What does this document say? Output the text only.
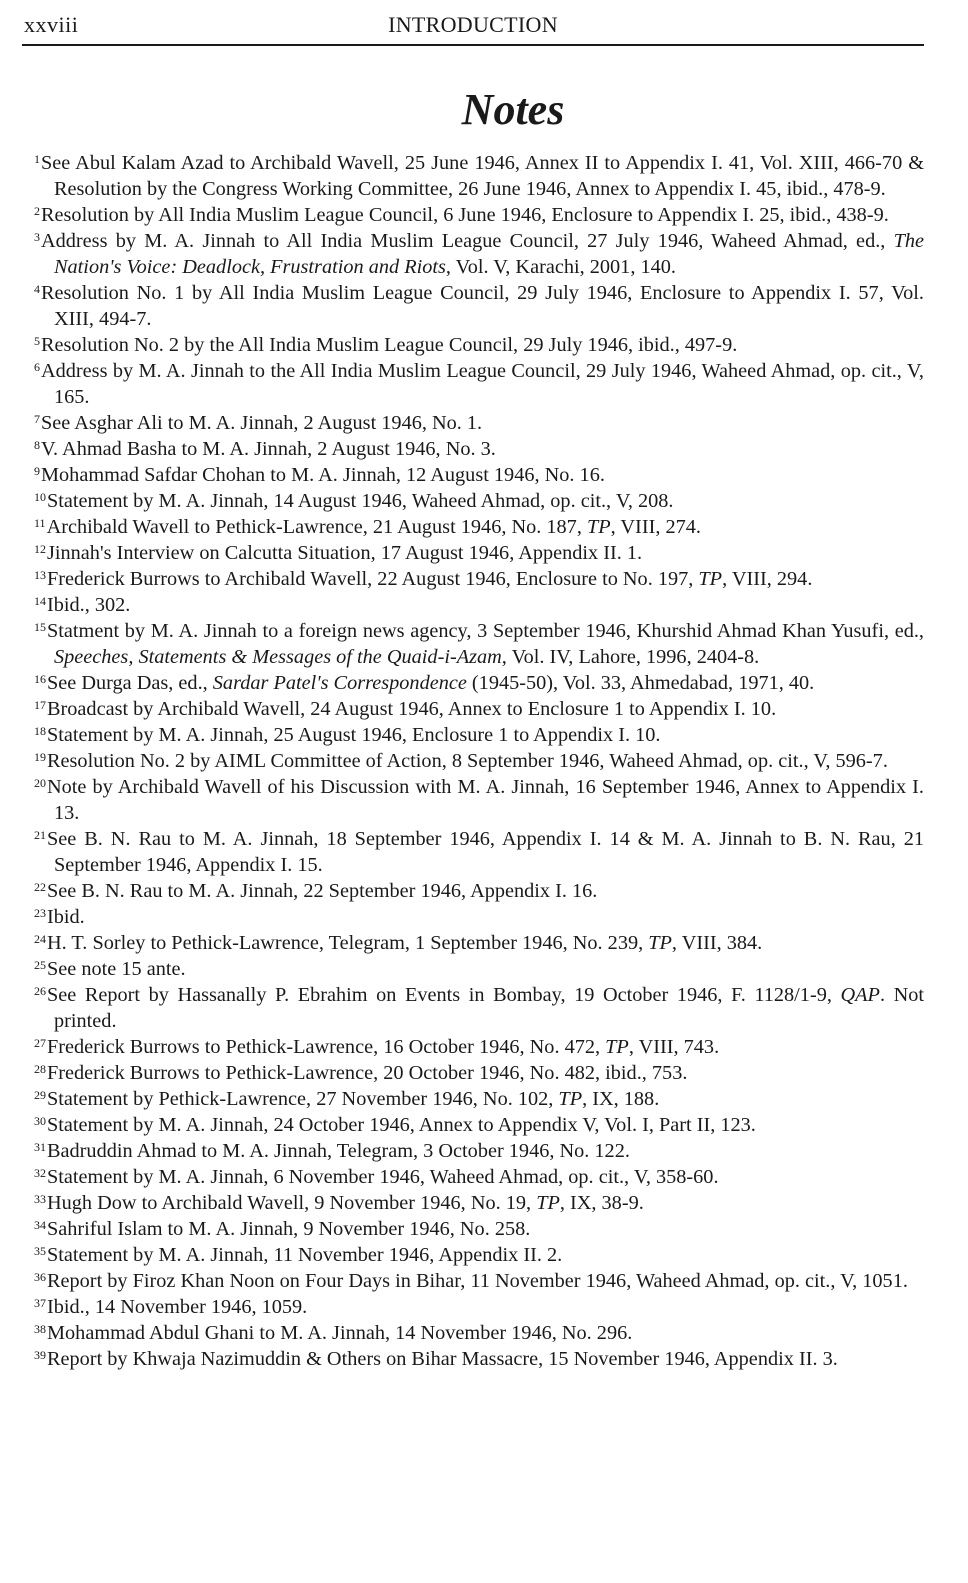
xxviii	INTRODUCTION
Notes
$^1$See Abul Kalam Azad to Archibald Wavell, 25 June 1946, Annex II to Appendix I. 41, Vol. XIII, 466-70 & Resolution by the Congress Working Committee, 26 June 1946, Annex to Appendix I. 45, ibid., 478-9.
$^2$Resolution by All India Muslim League Council, 6 June 1946, Enclosure to Appendix I. 25, ibid., 438-9.
$^3$Address by M. A. Jinnah to All India Muslim League Council, 27 July 1946, Waheed Ahmad, ed., The Nation's Voice: Deadlock, Frustration and Riots, Vol. V, Karachi, 2001, 140.
$^4$Resolution No. 1 by All India Muslim League Council, 29 July 1946, Enclosure to Appendix I. 57, Vol. XIII, 494-7.
$^5$Resolution No. 2 by the All India Muslim League Council, 29 July 1946, ibid., 497-9.
$^6$Address by M. A. Jinnah to the All India Muslim League Council, 29 July 1946, Waheed Ahmad, op. cit., V, 165.
$^7$See Asghar Ali to M. A. Jinnah, 2 August 1946, No. 1.
$^8$V. Ahmad Basha to M. A. Jinnah, 2 August 1946, No. 3.
$^9$Mohammad Safdar Chohan to M. A. Jinnah, 12 August 1946, No. 16.
$^{10}$Statement by M. A. Jinnah, 14 August 1946, Waheed Ahmad, op. cit., V, 208.
$^{11}$Archibald Wavell to Pethick-Lawrence, 21 August 1946, No. 187, TP, VIII, 274.
$^{12}$Jinnah's Interview on Calcutta Situation, 17 August 1946, Appendix II. 1.
$^{13}$Frederick Burrows to Archibald Wavell, 22 August 1946, Enclosure to No. 197, TP, VIII, 294.
$^{14}$Ibid., 302.
$^{15}$Statment by M. A. Jinnah to a foreign news agency, 3 September 1946, Khurshid Ahmad Khan Yusufi, ed., Speeches, Statements & Messages of the Quaid-i-Azam, Vol. IV, Lahore, 1996, 2404-8.
$^{16}$See Durga Das, ed., Sardar Patel's Correspondence (1945-50), Vol. 33, Ahmedabad, 1971, 40.
$^{17}$Broadcast by Archibald Wavell, 24 August 1946, Annex to Enclosure 1 to Appendix I. 10.
$^{18}$Statement by M. A. Jinnah, 25 August 1946, Enclosure 1 to Appendix I. 10.
$^{19}$Resolution No. 2 by AIML Committee of Action, 8 September 1946, Waheed Ahmad, op. cit., V, 596-7.
$^{20}$Note by Archibald Wavell of his Discussion with M. A. Jinnah, 16 September 1946, Annex to Appendix I. 13.
$^{21}$See B. N. Rau to M. A. Jinnah, 18 September 1946, Appendix I. 14 & M. A. Jinnah to B. N. Rau, 21 September 1946, Appendix I. 15.
$^{22}$See B. N. Rau to M. A. Jinnah, 22 September 1946, Appendix I. 16.
$^{23}$Ibid.
$^{24}$H. T. Sorley to Pethick-Lawrence, Telegram, 1 September 1946, No. 239, TP, VIII, 384.
$^{25}$See note 15 ante.
$^{26}$See Report by Hassanally P. Ebrahim on Events in Bombay, 19 October 1946, F. 1128/1-9, QAP. Not printed.
$^{27}$Frederick Burrows to Pethick-Lawrence, 16 October 1946, No. 472, TP, VIII, 743.
$^{28}$Frederick Burrows to Pethick-Lawrence, 20 October 1946, No. 482, ibid., 753.
$^{29}$Statement by Pethick-Lawrence, 27 November 1946, No. 102, TP, IX, 188.
$^{30}$Statement by M. A. Jinnah, 24 October 1946, Annex to Appendix V, Vol. I, Part II, 123.
$^{31}$Badruddin Ahmad to M. A. Jinnah, Telegram, 3 October 1946, No. 122.
$^{32}$Statement by M. A. Jinnah, 6 November 1946, Waheed Ahmad, op. cit., V, 358-60.
$^{33}$Hugh Dow to Archibald Wavell, 9 November 1946, No. 19, TP, IX, 38-9.
$^{34}$Sahriful Islam to M. A. Jinnah, 9 November 1946, No. 258.
$^{35}$Statement by M. A. Jinnah, 11 November 1946, Appendix II. 2.
$^{36}$Report by Firoz Khan Noon on Four Days in Bihar, 11 November 1946, Waheed Ahmad, op. cit., V, 1051.
$^{37}$Ibid., 14 November 1946, 1059.
$^{38}$Mohammad Abdul Ghani to M. A. Jinnah, 14 November 1946, No. 296.
$^{39}$Report by Khwaja Nazimuddin & Others on Bihar Massacre, 15 November 1946, Appendix II. 3.
